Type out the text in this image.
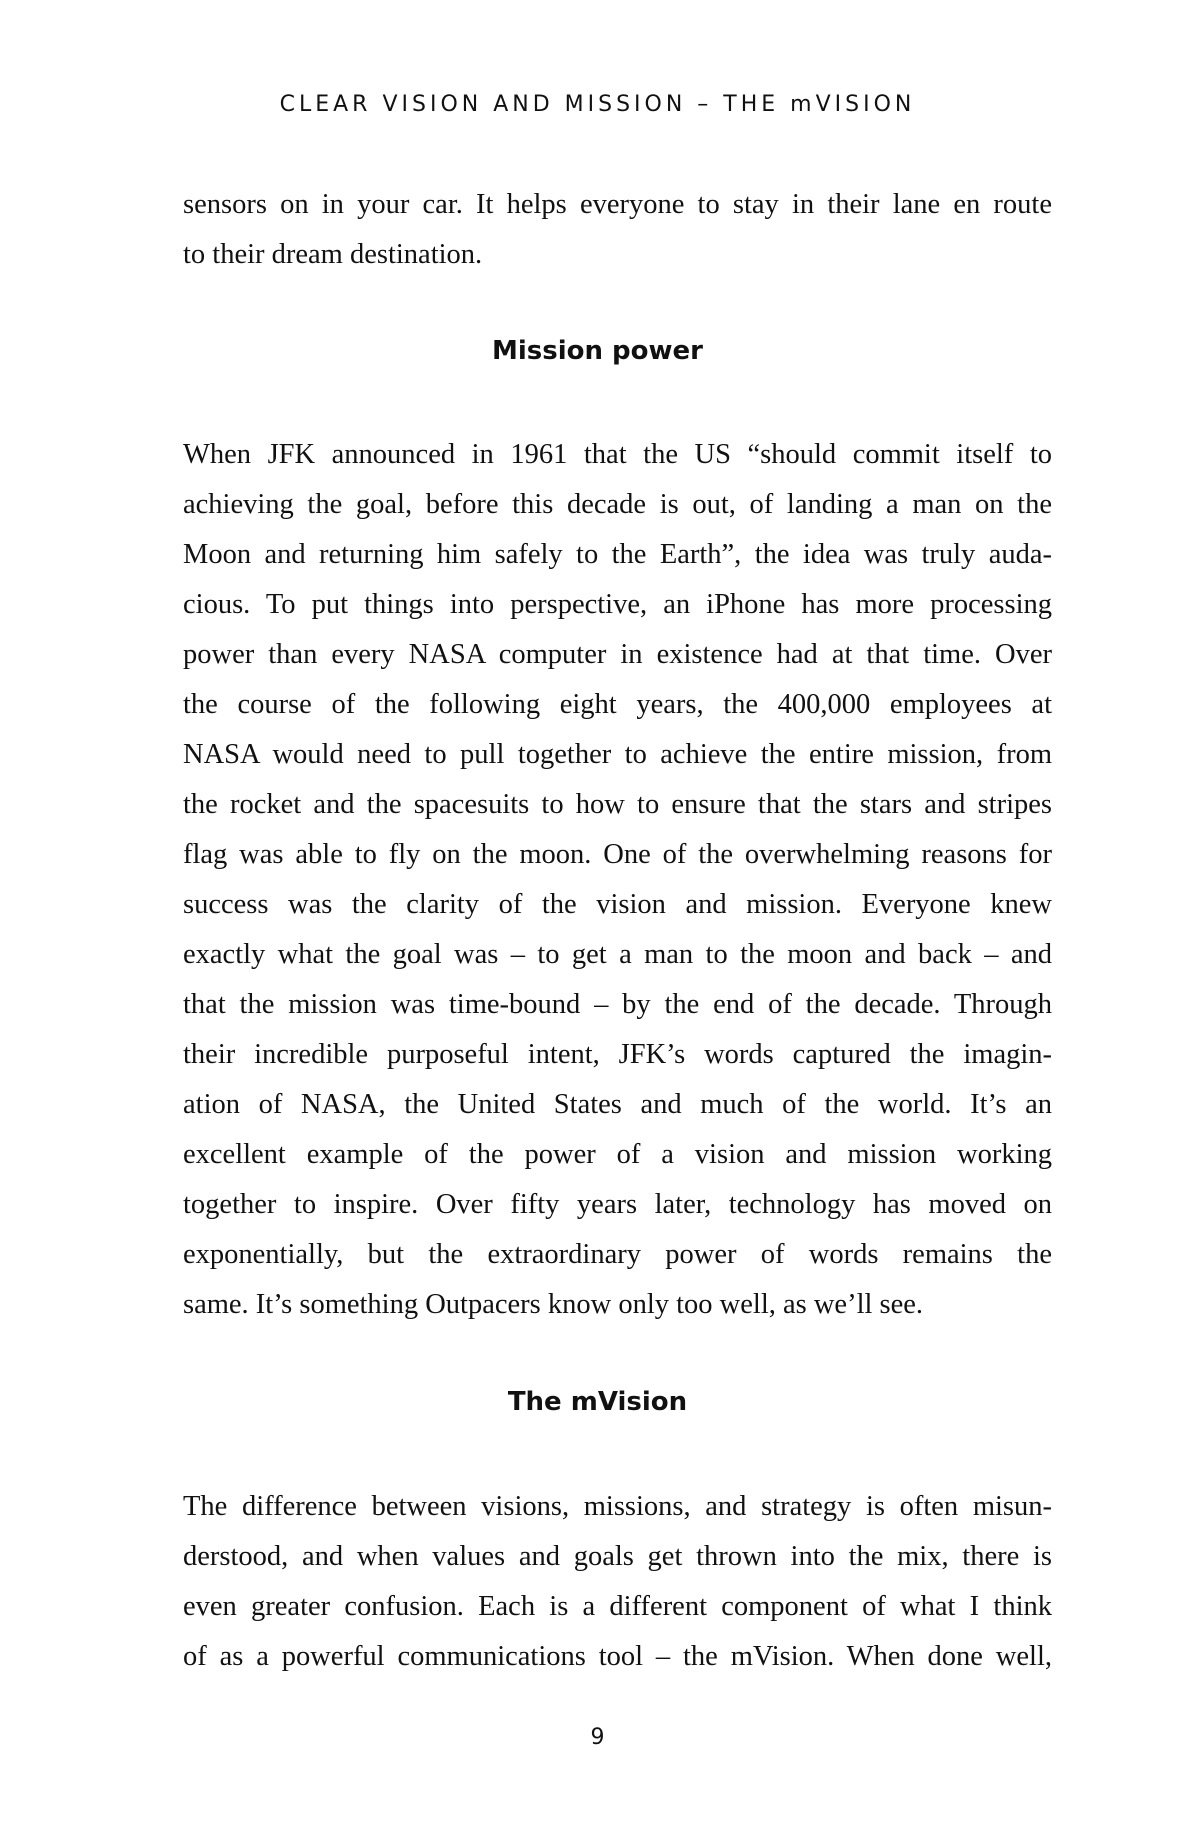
CLEAR VISION AND MISSION – THE mVISION
sensors on in your car. It helps everyone to stay in their lane en route
to their dream destination.
Mission power
When JFK announced in 1961 that the US “should commit itself to
achieving the goal, before this decade is out, of landing a man on the
Moon and returning him safely to the Earth”, the idea was truly auda-
cious. To put things into perspective, an iPhone has more processing
power than every NASA computer in existence had at that time. Over
the course of the following eight years, the 400,000 employees at
NASA would need to pull together to achieve the entire mission, from
the rocket and the spacesuits to how to ensure that the stars and stripes
flag was able to fly on the moon. One of the overwhelming reasons for
success was the clarity of the vision and mission. Everyone knew
exactly what the goal was – to get a man to the moon and back – and
that the mission was time-bound – by the end of the decade. Through
their incredible purposeful intent, JFK’s words captured the imagin-
ation of NASA, the United States and much of the world. It’s an
excellent example of the power of a vision and mission working
together to inspire. Over fifty years later, technology has moved on
exponentially, but the extraordinary power of words remains the
same. It’s something Outpacers know only too well, as we’ll see.
The mVision
The difference between visions, missions, and strategy is often misun-
derstood, and when values and goals get thrown into the mix, there is
even greater confusion. Each is a different component of what I think
of as a powerful communications tool – the mVision. When done well,
9
